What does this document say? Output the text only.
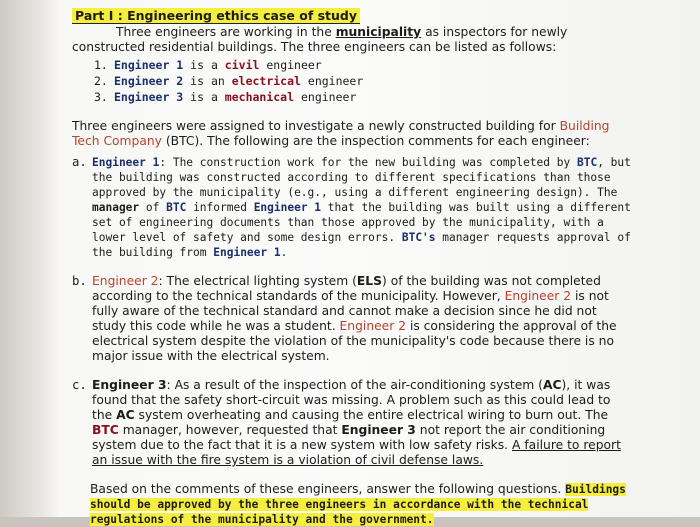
Part I : Engineering ethics case of study

Three engineers are working in the municipality as inspectors for newly constructed residential buildings. The three engineers can be listed as follows:

1. Engineer 1 is a civil engineer
2. Engineer 2 is an electrical engineer
3. Engineer 3 is a mechanical engineer

Three engineers were assigned to investigate a newly constructed building for Building Tech Company (BTC). The following are the inspection comments for each engineer:

a. Engineer 1: The construction work for the new building was completed by BTC, but the building was constructed according to different specifications than those approved by the municipality (e.g., using a different engineering design). The manager of BTC informed Engineer 1 that the building was built using a different set of engineering documents than those approved by the municipality, with a lower level of safety and some design errors. BTC's manager requests approval of the building from Engineer 1.
b. Engineer 2: The electrical lighting system (ELS) of the building was not completed according to the technical standards of the municipality. However, Engineer 2 is not fully aware of the technical standard and cannot make a decision since he did not study this code while he was a student. Engineer 2 is considering the approval of the electrical system despite the violation of the municipality's code because there is no major issue with the electrical system.
c. Engineer 3: As a result of the inspection of the air-conditioning system (AC), it was found that the safety short-circuit was missing. A problem such as this could lead to the AC system overheating and causing the entire electrical wiring to burn out. The BTC manager, however, requested that Engineer 3 not report the air conditioning system due to the fact that it is a new system with low safety risks. A failure to report an issue with the fire system is a violation of civil defense laws.

Based on the comments of these engineers, answer the following questions. Buildings should be approved by the three engineers in accordance with the technical regulations of the municipality and the government.
